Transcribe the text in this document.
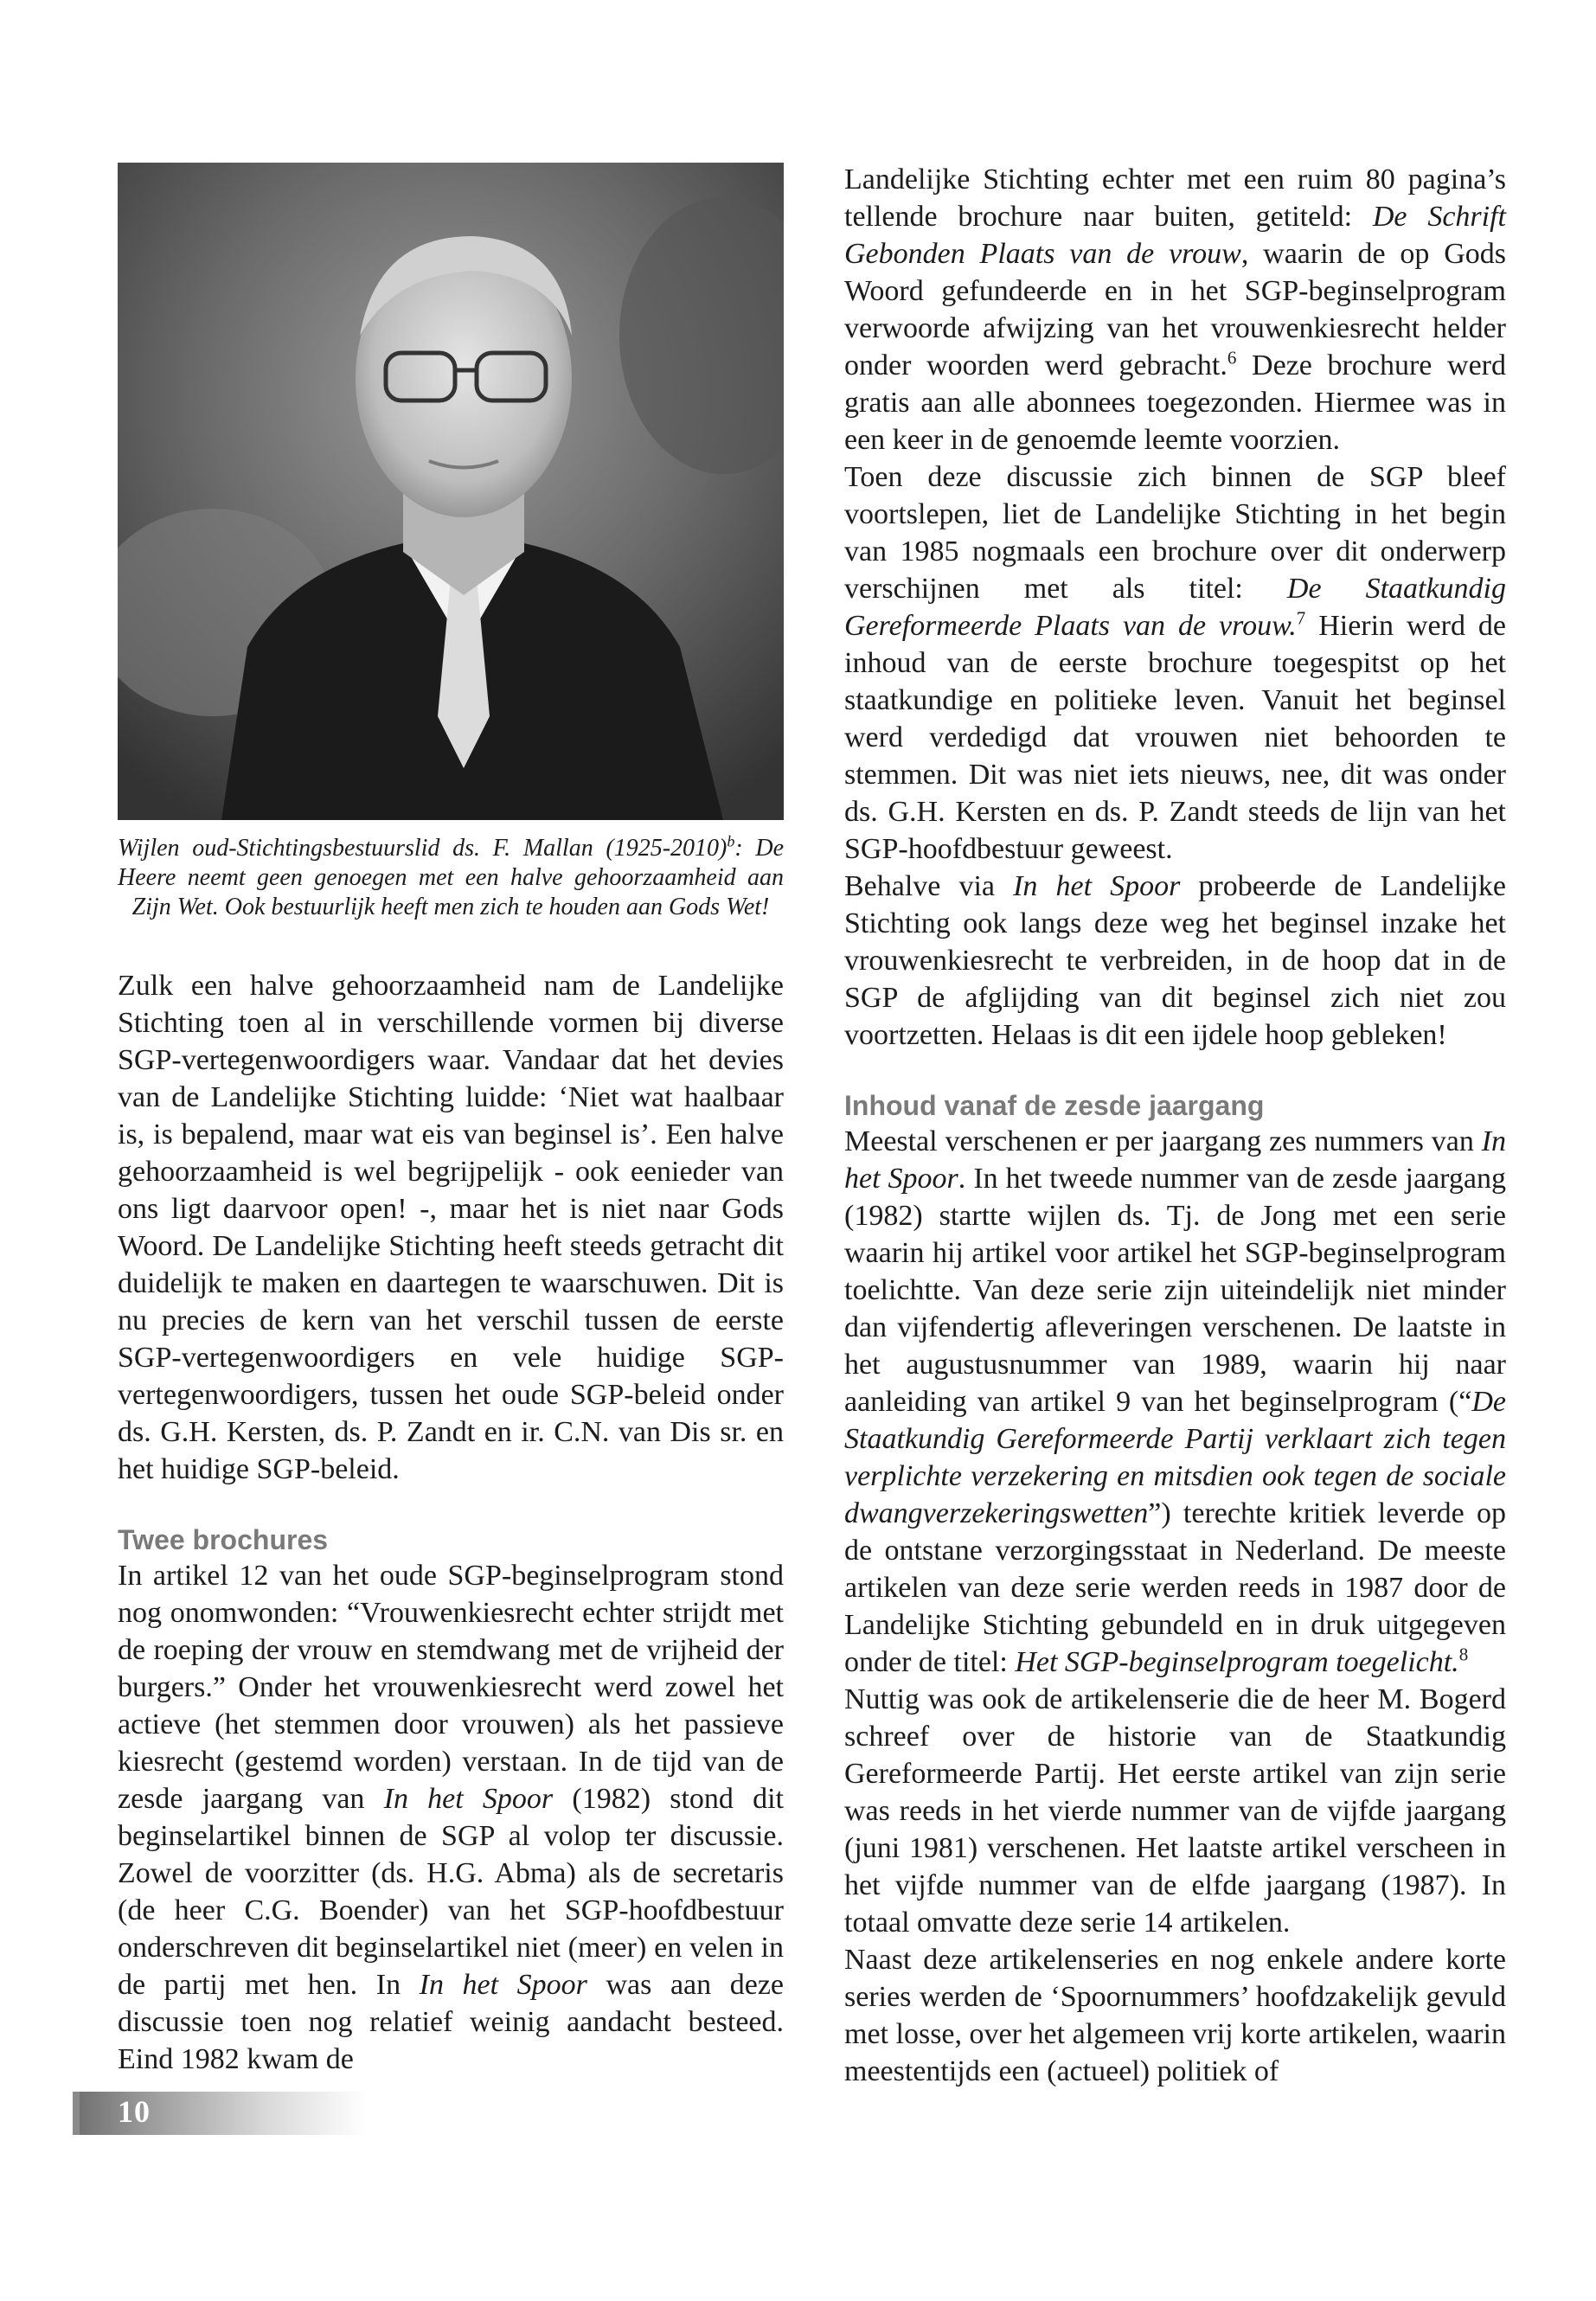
Wijlen oud-Stichtingsbestuurslid ds. F. Mallan (1925-2010)$^b$: De Heere neemt geen genoegen met een halve gehoorzaamheid aan Zijn Wet. Ook bestuurlijk heeft men zich te houden aan Gods Wet!

Zulk een halve gehoorzaamheid nam de Landelijke Stichting toen al in verschillende vormen bij diverse SGP-vertegenwoordigers waar. Vandaar dat het devies van de Landelijke Stichting luidde: ‘Niet wat haalbaar is, is bepalend, maar wat eis van beginsel is’. Een halve gehoorzaamheid is wel begrijpelijk - ook eenieder van ons ligt daarvoor open! -, maar het is niet naar Gods Woord. De Landelijke Stichting heeft steeds getracht dit duidelijk te maken en daartegen te waarschuwen. Dit is nu precies de kern van het verschil tussen de eerste SGP-vertegenwoordigers en vele huidige SGP-vertegenwoordigers, tussen het oude SGP-beleid onder ds. G.H. Kersten, ds. P. Zandt en ir. C.N. van Dis sr. en het huidige SGP-beleid.

Twee brochures

In artikel 12 van het oude SGP-beginselprogram stond nog onomwonden: “Vrouwenkiesrecht echter strijdt met de roeping der vrouw en stemdwang met de vrijheid der burgers.” Onder het vrouwenkiesrecht werd zowel het actieve (het stemmen door vrouwen) als het passieve kiesrecht (gestemd worden) verstaan. In de tijd van de zesde jaargang van In het Spoor (1982) stond dit beginselartikel binnen de SGP al volop ter discussie. Zowel de voorzitter (ds. H.G. Abma) als de secretaris (de heer C.G. Boender) van het SGP-hoofdbestuur onderschreven dit beginselartikel niet (meer) en velen in de partij met hen. In In het Spoor was aan deze discussie toen nog relatief weinig aandacht besteed. Eind 1982 kwam de

Landelijke Stichting echter met een ruim 80 pagina’s tellende brochure naar buiten, getiteld: De Schrift Gebonden Plaats van de vrouw, waarin de op Gods Woord gefundeerde en in het SGP-beginselprogram verwoorde afwijzing van het vrouwenkiesrecht helder onder woorden werd gebracht.$^6$ Deze brochure werd gratis aan alle abonnees toegezonden. Hiermee was in een keer in de genoemde leemte voorzien.

Toen deze discussie zich binnen de SGP bleef voortslepen, liet de Landelijke Stichting in het begin van 1985 nogmaals een brochure over dit onderwerp verschijnen met als titel: De Staatkundig Gereformeerde Plaats van de vrouw.$^7$ Hierin werd de inhoud van de eerste brochure toegespitst op het staatkundige en politieke leven. Vanuit het beginsel werd verdedigd dat vrouwen niet behoorden te stemmen. Dit was niet iets nieuws, nee, dit was onder ds. G.H. Kersten en ds. P. Zandt steeds de lijn van het SGP-hoofdbestuur geweest.

Behalve via In het Spoor probeerde de Landelijke Stichting ook langs deze weg het beginsel inzake het vrouwenkiesrecht te verbreiden, in de hoop dat in de SGP de afglijding van dit beginsel zich niet zou voortzetten. Helaas is dit een ijdele hoop gebleken!

Inhoud vanaf de zesde jaargang

Meestal verschenen er per jaargang zes nummers van In het Spoor. In het tweede nummer van de zesde jaargang (1982) startte wijlen ds. Tj. de Jong met een serie waarin hij artikel voor artikel het SGP-beginselprogram toelichtte. Van deze serie zijn uiteindelijk niet minder dan vijfendertig afleveringen verschenen. De laatste in het augustusnummer van 1989, waarin hij naar aanleiding van artikel 9 van het beginselprogram (“De Staatkundig Gereformeerde Partij verklaart zich tegen verplichte verzekering en mitsdien ook tegen de sociale dwangverzekeringswetten”) terechte kritiek leverde op de ontstane verzorgingsstaat in Nederland. De meeste artikelen van deze serie werden reeds in 1987 door de Landelijke Stichting gebundeld en in druk uitgegeven onder de titel: Het SGP-beginselprogram toegelicht.$^8$

Nuttig was ook de artikelenserie die de heer M. Bogerd schreef over de historie van de Staatkundig Gereformeerde Partij. Het eerste artikel van zijn serie was reeds in het vierde nummer van de vijfde jaargang (juni 1981) verschenen. Het laatste artikel verscheen in het vijfde nummer van de elfde jaargang (1987). In totaal omvatte deze serie 14 artikelen.

Naast deze artikelenseries en nog enkele andere korte series werden de ‘Spoornummers’ hoofdzakelijk gevuld met losse, over het algemeen vrij korte artikelen, waarin meestentijds een (actueel) politiek of

10
